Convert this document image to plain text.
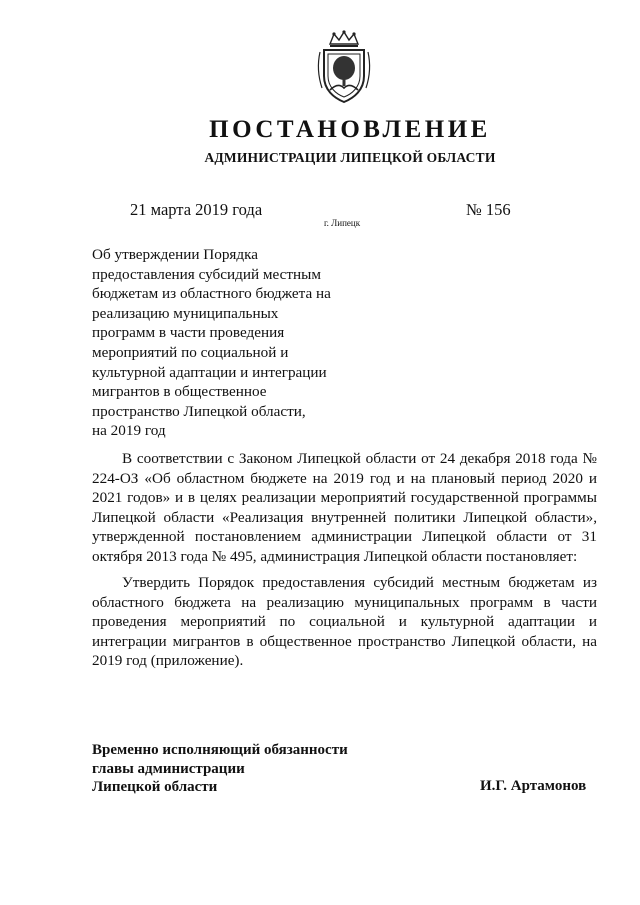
ПОСТАНОВЛЕНИЕ
АДМИНИСТРАЦИИ ЛИПЕЦКОЙ ОБЛАСТИ
21 марта 2019 года
г. Липецк
№ 156
Об утверждении Порядка
предоставления субсидий местным
бюджетам из областного бюджета на
реализацию муниципальных
программ в части проведения
мероприятий по социальной и
культурной адаптации и интеграции
мигрантов в общественное
пространство Липецкой области,
на 2019 год

В соответствии с Законом Липецкой области от 24 декабря 2018 года № 224-ОЗ «Об областном бюджете на 2019 год и на плановый период 2020 и 2021 годов» и в целях реализации мероприятий государственной программы Липецкой области «Реализация внутренней политики Липецкой области», утвержденной постановлением администрации Липецкой области от 31 октября 2013 года № 495, администрация Липецкой области постановляет:

Утвердить Порядок предоставления субсидий местным бюджетам из областного бюджета на реализацию муниципальных программ в части проведения мероприятий по социальной и культурной адаптации и интеграции мигрантов в общественное пространство Липецкой области, на 2019 год (приложение).

Временно исполняющий обязанности
главы администрации
Липецкой области	И.Г. Артамонов
